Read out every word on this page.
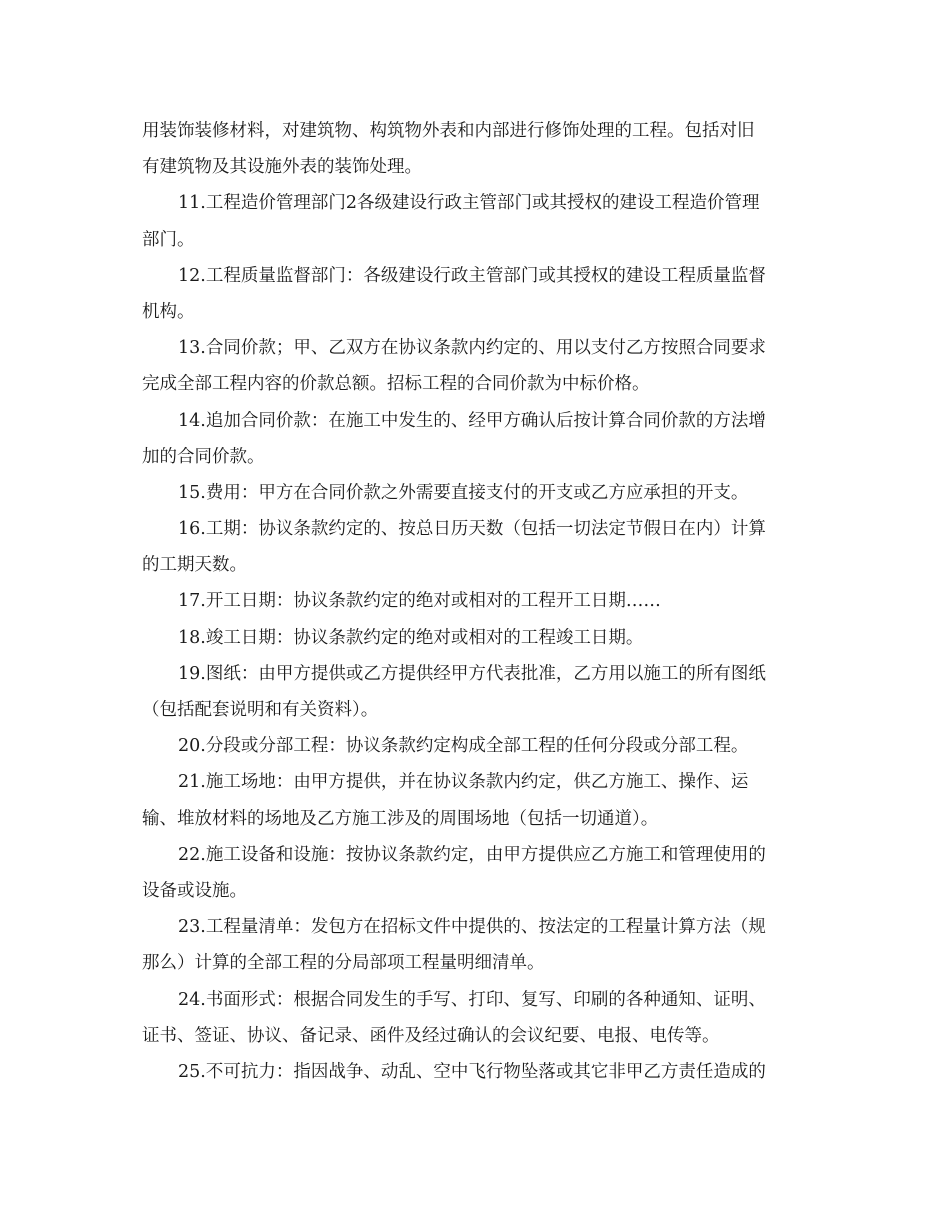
用装饰装修材料，对建筑物、构筑物外表和内部进行修饰处理的工程。包括对旧
有建筑物及其设施外表的装饰处理。
11.工程造价管理部门2各级建设行政主管部门或其授权的建设工程造价管理
部门。
12.工程质量监督部门：各级建设行政主管部门或其授权的建设工程质量监督
机构。
13.合同价款；甲、乙双方在协议条款内约定的、用以支付乙方按照合同要求
完成全部工程内容的价款总额。招标工程的合同价款为中标价格。
14.追加合同价款：在施工中发生的、经甲方确认后按计算合同价款的方法增
加的合同价款。
15.费用：甲方在合同价款之外需要直接支付的开支或乙方应承担的开支。
16.工期：协议条款约定的、按总日历天数（包括一切法定节假日在内）计算
的工期天数。
17.开工日期：协议条款约定的绝对或相对的工程开工日期……
18.竣工日期：协议条款约定的绝对或相对的工程竣工日期。
19.图纸：由甲方提供或乙方提供经甲方代表批准，乙方用以施工的所有图纸
（包括配套说明和有关资料）。
20.分段或分部工程：协议条款约定构成全部工程的任何分段或分部工程。
21.施工场地：由甲方提供，并在协议条款内约定，供乙方施工、操作、运
输、堆放材料的场地及乙方施工涉及的周围场地（包括一切通道）。
22.施工设备和设施：按协议条款约定，由甲方提供应乙方施工和管理使用的
设备或设施。
23.工程量清单：发包方在招标文件中提供的、按法定的工程量计算方法（规
那么）计算的全部工程的分局部项工程量明细清单。
24.书面形式：根据合同发生的手写、打印、复写、印刷的各种通知、证明、
证书、签证、协议、备记录、函件及经过确认的会议纪要、电报、电传等。
25.不可抗力：指因战争、动乱、空中飞行物坠落或其它非甲乙方责任造成的
